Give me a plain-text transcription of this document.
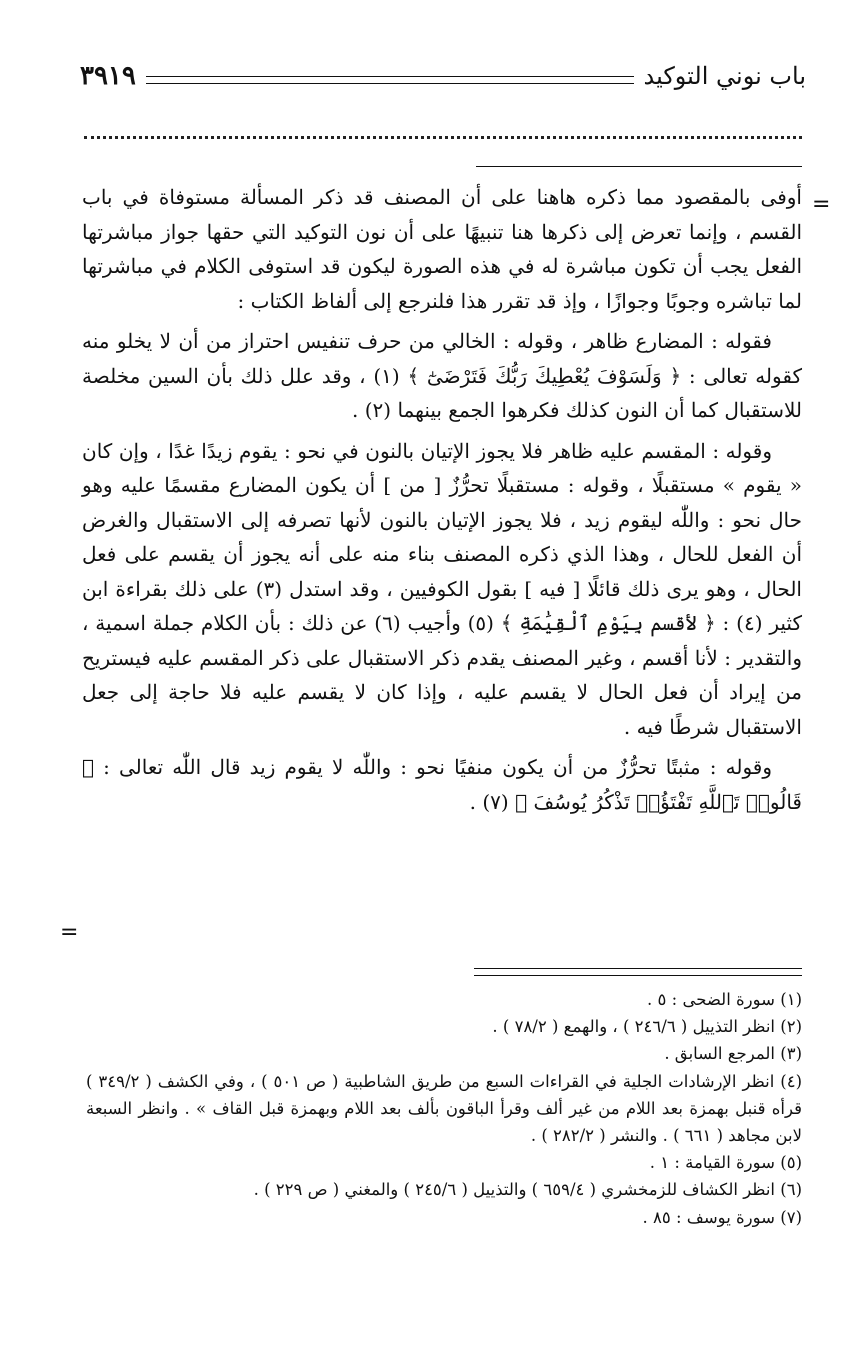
باب نوني التوكيد
٣٩١٩
=

أوفى بالمقصود مما ذكره هاهنا على أن المصنف قد ذكر المسألة مستوفاة في باب القسم ، وإنما تعرض إلى ذكرها هنا تنبيهًا على أن نون التوكيد التي حقها جواز مباشرتها الفعل يجب أن تكون مباشرة له في هذه الصورة ليكون قد استوفى الكلام في مباشرتها لما تباشره وجوبًا وجوازًا ، وإذ قد تقرر هذا فلنرجع إلى ألفاظ الكتاب :

فقوله : المضارع ظاهر ، وقوله : الخالي من حرف تنفيس احتراز من أن لا يخلو منه كقوله تعالى : ﴿ وَلَسَوْفَ يُعْطِيكَ رَبُّكَ فَتَرْضَىٰٓ ﴾ (١) ، وقد علل ذلك بأن السين مخلصة للاستقبال كما أن النون كذلك فكرهوا الجمع بينهما (٢) .

وقوله : المقسم عليه ظاهر فلا يجوز الإتيان بالنون في نحو : يقوم زيدًا غدًا ، وإن كان « يقوم » مستقبلًا ، وقوله : مستقبلًا تحرُّزٌ [ من ] أن يكون المضارع مقسمًا عليه وهو حال نحو : واللّٰه ليقوم زيد ، فلا يجوز الإتيان بالنون لأنها تصرفه إلى الاستقبال والغرض أن الفعل للحال ، وهذا الذي ذكره المصنف بناء منه على أنه يجوز أن يقسم على فعل الحال ، وهو يرى ذلك قائلًا [ فيه ] بقول الكوفيين ، وقد استدل (٣) على ذلك بقراءة ابن كثير (٤) : ﴿ لأقسم بِيَوْمِ ٱلْقِيَٰمَةِ ﴾ (٥) وأجيب (٦) عن ذلك : بأن الكلام جملة اسمية ، والتقدير : لأنا أقسم ، وغير المصنف يقدم ذكر الاستقبال على ذكر المقسم عليه فيستريح من إيراد أن فعل الحال لا يقسم عليه ، وإذا كان لا يقسم عليه فلا حاجة إلى جعل الاستقبال شرطًا فيه .

وقوله : مثبتًا تحرُّزٌ من أن يكون منفيًا نحو : واللّٰه لا يقوم زيد قال اللّٰه تعالى : ﴿ قَالُوا۟ تَٱللَّهِ تَفْتَؤُا۟ تَذْكُرُ يُوسُفَ ﴾ (٧) .

=
(١) سورة الضحى : ٥ .
(٢) انظر التذييل ( ٢٤٦/٦ ) ، والهمع ( ٧٨/٢ ) .
(٣) المرجع السابق .
(٤) انظر الإرشادات الجلية في القراءات السبع من طريق الشاطبية ( ص ٥٠١ ) ، وفي الكشف ( ٣٤٩/٢ ) قرأه قنبل بهمزة بعد اللام من غير ألف وقرأ الباقون بألف بعد اللام وبهمزة قبل القاف » . وانظر السبعة لابن مجاهد ( ٦٦١ ) . والنشر ( ٢٨٢/٢ ) .
(٥) سورة القيامة : ١ .
(٦) انظر الكشاف للزمخشري ( ٦٥٩/٤ ) والتذييل ( ٢٤٥/٦ ) والمغني ( ص ٢٢٩ ) .
(٧) سورة يوسف : ٨٥ .
